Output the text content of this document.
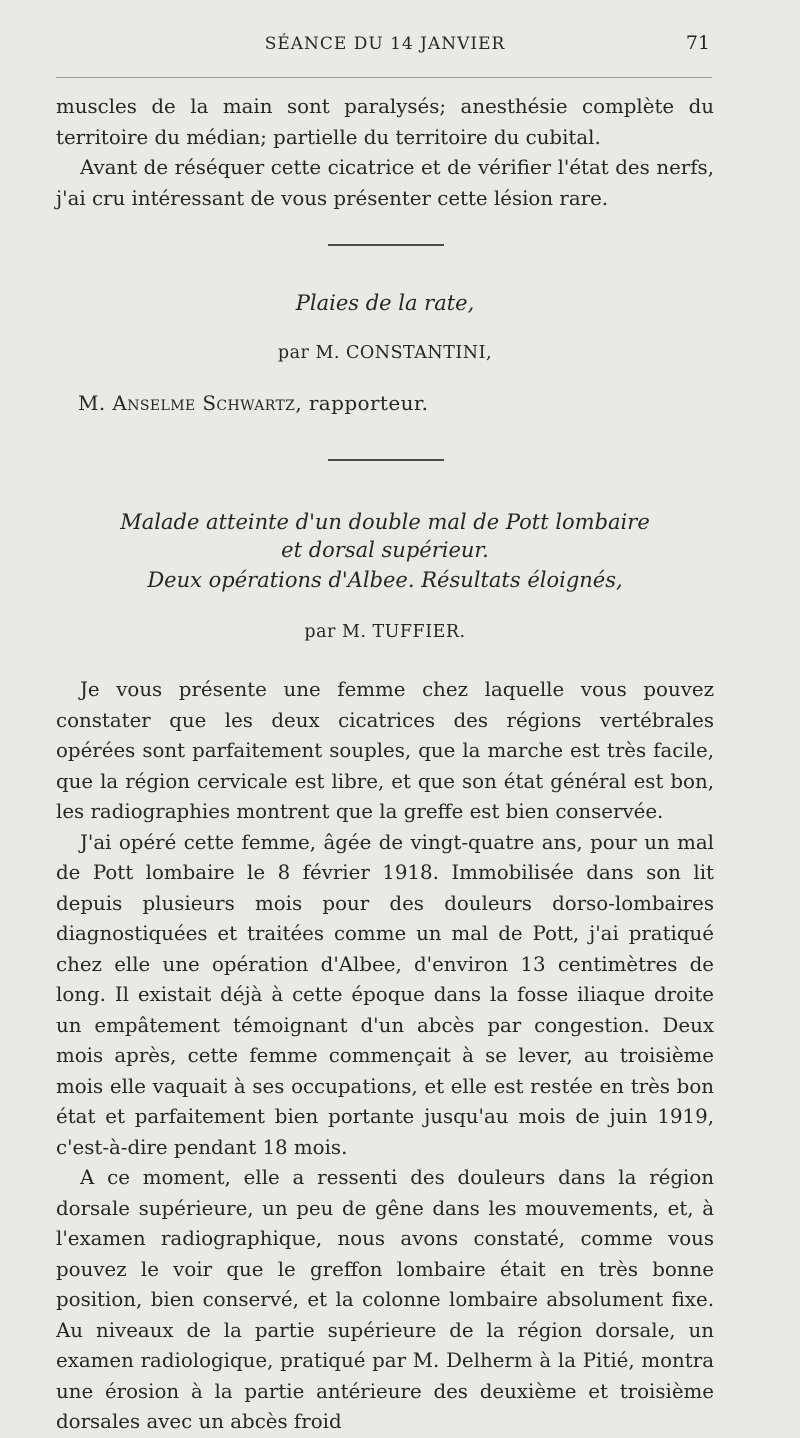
SÉANCE DU 14 JANVIER	71

muscles de la main sont paralysés; anesthésie complète du territoire du médian; partielle du territoire du cubital.

Avant de réséquer cette cicatrice et de vérifier l'état des nerfs, j'ai cru intéressant de vous présenter cette lésion rare.

Plaies de la rate,
par M. CONSTANTINI,
M. Anselme Schwartz, rapporteur.
Malade atteinte d'un double mal de Pott lombaire
et dorsal supérieur.
Deux opérations d'Albee. Résultats éloignés,
par M. TUFFIER.

Je vous présente une femme chez laquelle vous pouvez constater que les deux cicatrices des régions vertébrales opérées sont parfaitement souples, que la marche est très facile, que la région cervicale est libre, et que son état général est bon, les radiographies montrent que la greffe est bien conservée.

J'ai opéré cette femme, âgée de vingt-quatre ans, pour un mal de Pott lombaire le 8 février 1918. Immobilisée dans son lit depuis plusieurs mois pour des douleurs dorso-lombaires diagnostiquées et traitées comme un mal de Pott, j'ai pratiqué chez elle une opération d'Albee, d'environ 13 centimètres de long. Il existait déjà à cette époque dans la fosse iliaque droite un empâtement témoignant d'un abcès par congestion. Deux mois après, cette femme commençait à se lever, au troisième mois elle vaquait à ses occupations, et elle est restée en très bon état et parfaitement bien portante jusqu'au mois de juin 1919, c'est-à-dire pendant 18 mois.

A ce moment, elle a ressenti des douleurs dans la région dorsale supérieure, un peu de gêne dans les mouvements, et, à l'examen radiographique, nous avons constaté, comme vous pouvez le voir que le greffon lombaire était en très bonne position, bien conservé, et la colonne lombaire absolument fixe. Au niveaux de la partie supérieure de la région dorsale, un examen radiologique, pratiqué par M. Delherm à la Pitié, montra une érosion à la partie antérieure des deuxième et troisième dorsales avec un abcès froid
